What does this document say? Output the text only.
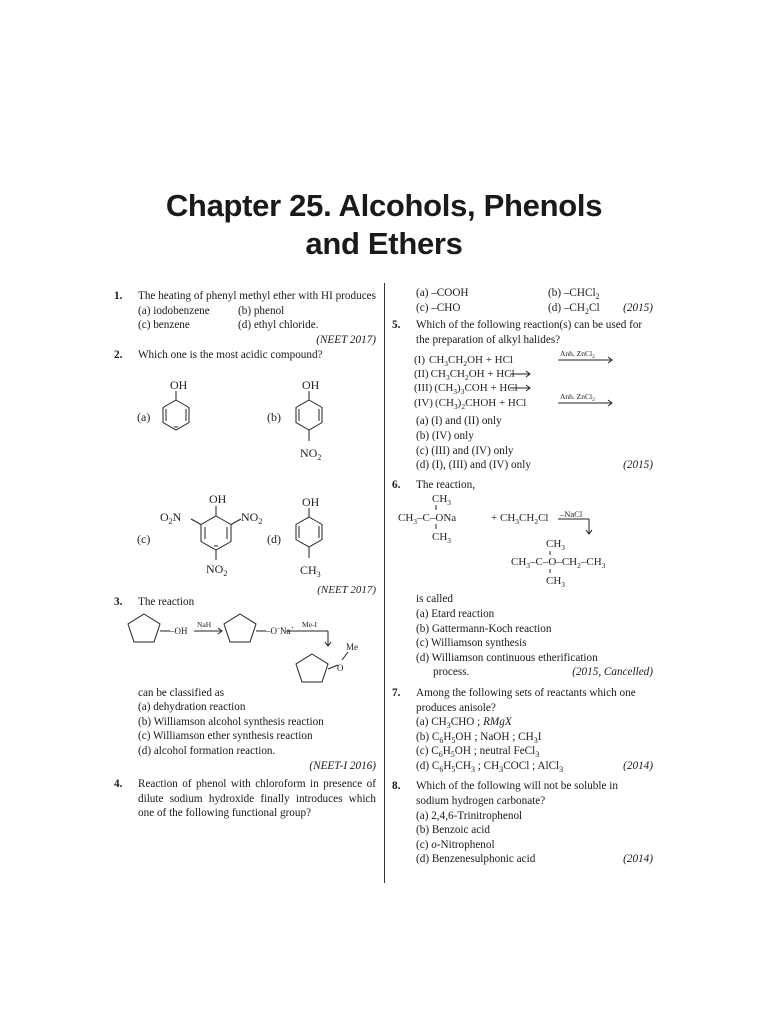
Chapter 25. Alcohols, Phenols
and Ethers
1.	The heating of phenyl methyl ether with HI produces
(a) iodobenzene	(b) phenol
(c) benzene	(d) ethyl chloride.
(NEET 2017)
2.	Which one is the most acidic compound?
OH
(a)
OH
(b)
$NO_2$
OH
$O_2N$	$NO_2$
(c)
$NO_2$
OH
(d)
$CH_3$
(NEET 2017)
3.	The reaction
–OH
NaH
–O–Na+ Me-I
O
Me
can be classified as
(a) dehydration reaction
(b) Williamson alcohol synthesis reaction
(c) Williamson ether synthesis reaction
(d) alcohol formation reaction.
(NEET-I 2016)
4.	Reaction of phenol with chloroform in presence of dilute sodium hydroxide finally introduces which one of the following functional group?
(a) –COOH	(b) –CHCl$_2$
(c) –CHO	(d) $-CH_2Cl$ (2015)
5.	Which of the following reaction(s) can be used for the preparation of alkyl halides?
(I) $CH_3CH_2OH$ + HCl
Anh. ZnCl$_2$
(II) $CH_3CH_2OH$ + HCl
(III) $(CH_3)_3COH$ + HCl
(IV) $(CH_3)_2CHOH$ + HCl
Anh. ZnCl$_2$
(a) (I) and (II) only
(b) (IV) only
(c) (III) and (IV) only
(d) (I), (III) and (IV) only	(2015)
6.	The reaction,
$CH_3$
$CH_3-C$–ONa	+ $CH_3CH_2Cl$ –NaCl
$CH_3$	$CH_3$
$CH_3-C-O-CH_2-CH_3$
$CH_3$
is called
(a) Etard reaction
(b) Gattermann-Koch reaction
(c) Williamson synthesis
(d) Williamson continuous etherification
process.	(2015, Cancelled)
7.	Among the following sets of reactants which one produces anisole?
(a) $CH_3CHO$ ; RMgX
(b) $C_6H_5OH$ ; NaOH ; $CH_3I$
(c) $C_6H_5OH$ ; neutral FeCl$_3$
(d) $C_6H_5CH_3$ ; $CH_3COCl$ ; AlCl$_3$	(2014)
8.	Which of the following will not be soluble in sodium hydrogen carbonate?
(a) 2,4,6-Trinitrophenol
(b) Benzoic acid
(c) o-Nitrophenol
(d) Benzenesulphonic acid	(2014)
